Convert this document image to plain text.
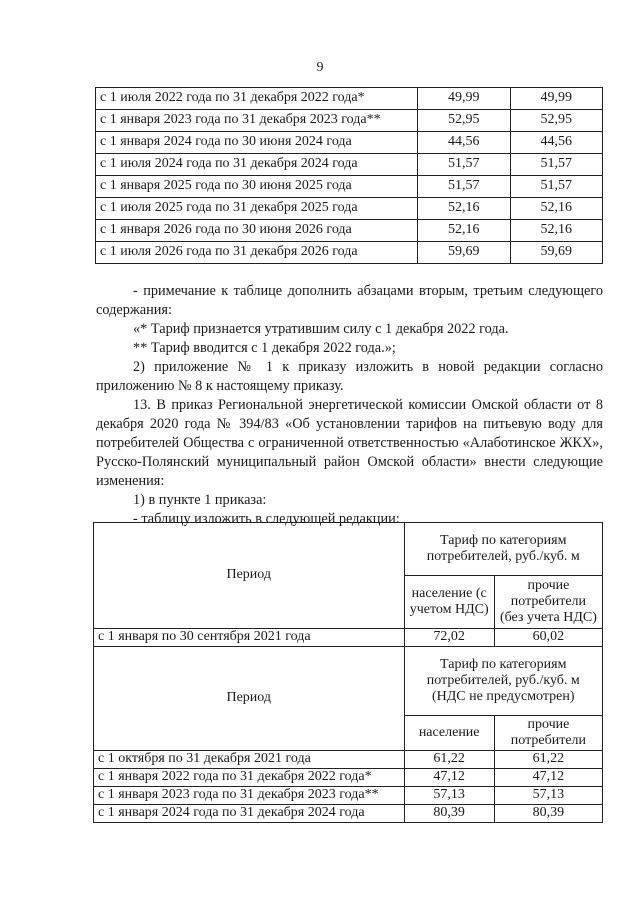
9
с 1 июля 2022 года по 31 декабря 2022 года*	49,99	49,99
с 1 января 2023 года по 31 декабря 2023 года**	52,95	52,95
с 1 января 2024 года по 30 июня 2024 года	44,56	44,56
с 1 июля 2024 года по 31 декабря 2024 года	51,57	51,57
с 1 января 2025 года по 30 июня 2025 года	51,57	51,57
с 1 июля 2025 года по 31 декабря 2025 года	52,16	52,16
с 1 января 2026 года по 30 июня 2026 года	52,16	52,16
с 1 июля 2026 года по 31 декабря 2026 года	59,69	59,69

- примечание к таблице дополнить абзацами вторым, третьим следующего содержания:

«* Тариф признается утратившим силу с 1 декабря 2022 года.

** Тариф вводится с 1 декабря 2022 года.»;

2) приложение № 1 к приказу изложить в новой редакции согласно приложению № 8 к настоящему приказу.

13. В приказ Региональной энергетической комиссии Омской области от 8 декабря 2020 года № 394/83 «Об установлении тарифов на питьевую воду для потребителей Общества с ограниченной ответственностью «Алаботинское ЖКХ», Русско-Полянский муниципальный район Омской области» внести следующие изменения:

1) в пункте 1 приказа:

- таблицу изложить в следующей редакции:

Период	Тариф по категориям потребителей, руб./куб. м	
	население (с учетом НДС)	прочие потребители (без учета НДС)
с 1 января по 30 сентября 2021 года	72,02	60,02
Период	Тариф по категориям потребителей, руб./куб. м (НДС не предусмотрен)	
	население	прочие потребители
с 1 октября по 31 декабря 2021 года	61,22	61,22
с 1 января 2022 года по 31 декабря 2022 года*	47,12	47,12
с 1 января 2023 года по 31 декабря 2023 года**	57,13	57,13
с 1 января 2024 года по 31 декабря 2024 года	80,39	80,39
